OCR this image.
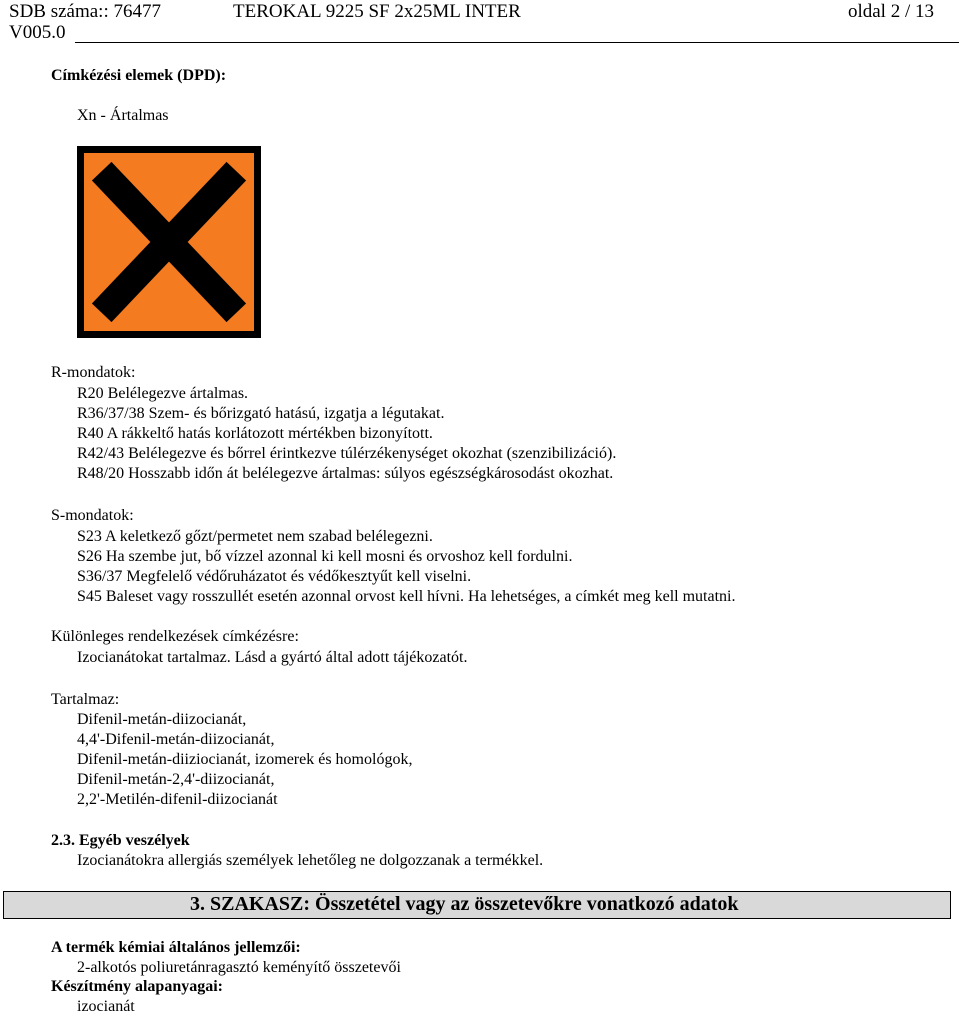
SDB száma:: 76477	TEROKAL 9225 SF 2x25ML INTER	oldal 2 / 13
V005.0
Címkézési elemek (DPD):
Xn - Ártalmas
R-mondatok:
R20 Belélegezve ártalmas.
R36/37/38 Szem- és bőrizgató hatású, izgatja a légutakat.
R40 A rákkeltő hatás korlátozott mértékben bizonyított.
R42/43 Belélegezve és bőrrel érintkezve túlérzékenységet okozhat (szenzibilizáció).
R48/20 Hosszabb időn át belélegezve ártalmas: súlyos egészségkárosodást okozhat.
S-mondatok:
S23 A keletkező gőzt/permetet nem szabad belélegezni.
S26 Ha szembe jut, bő vízzel azonnal ki kell mosni és orvoshoz kell fordulni.
S36/37 Megfelelő védőruházatot és védőkesztyűt kell viselni.
S45 Baleset vagy rosszullét esetén azonnal orvost kell hívni. Ha lehetséges, a címkét meg kell mutatni.
Különleges rendelkezések címkézésre:
Izocianátokat tartalmaz. Lásd a gyártó által adott tájékozatót.
Tartalmaz:
Difenil-metán-diizocianát,
4,4'-Difenil-metán-diizocianát,
Difenil-metán-diiziocianát, izomerek és homológok,
Difenil-metán-2,4'-diizocianát,
2,2'-Metilén-difenil-diizocianát
2.3. Egyéb veszélyek
Izocianátokra allergiás személyek lehetőleg ne dolgozzanak a termékkel.
3. SZAKASZ: Összetétel vagy az összetevőkre vonatkozó adatok
A termék kémiai általános jellemzői:
2-alkotós poliuretánragasztó keményítő összetevői
Készítmény alapanyagai:
izocianát
